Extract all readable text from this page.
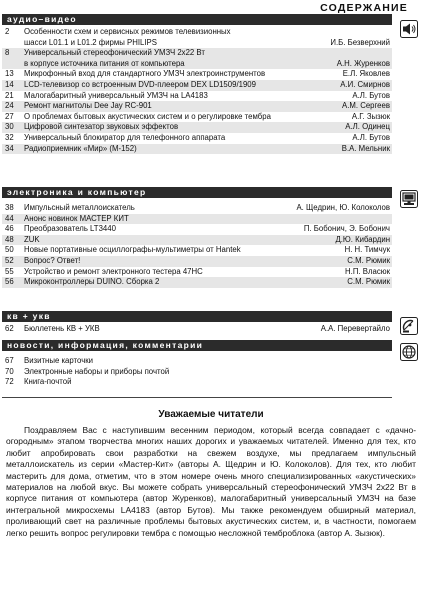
СОДЕРЖАНИЕ
аудио–видео
2	Особенности схем и сервисных режимов телевизионных
шасси L01.1 и L01.2 фирмы PHILIPS	И.Б. Безверхний
8	Универсальный стереофонический УМЗЧ 2х22 Вт
в корпусе источника питания от компьютера	А.Н. Журенков
13	Микрофонный вход для стандартного УМЗЧ электроинструментов	Е.Л. Яковлев
14	LCD-телевизор со встроенным DVD-плеером DEX LD1509/1909	А.И. Смирнов
21	Малогабаритный универсальный УМЗЧ на LA4183	А.Л. Бутов
24	Ремонт магнитолы Dee Jay RC-901	А.М. Сергеев
27	О проблемах бытовых акустических систем и о регулировке тембра	А.Г. Зызюк
30	Цифровой синтезатор звуковых эффектов	А.Л. Одинец
32	Универсальный блокиратор для телефонного аппарата	А.Л. Бутов
34	Радиоприемник «Мир» (М-152)	В.А. Мельник
электроника и компьютер
38	Импульсный металлоискатель	А. Щедрин, Ю. Колоколов
44	Анонс новинок МАСТЕР КИТ
46	Преобразователь LT3440	П. Бобонич, Э. Бобонич
48	ZUK	Д.Ю. Кибардин
50	Новые портативные осциллографы-мультиметры от Hantek	Н. Н. Тимчук
52	Вопрос? Ответ!	С.М. Рюмик
55	Устройство и ремонт электронного тестера 47НС	Н.П. Власюк
56	Микроконтроллеры DUINO. Сборка 2	С.М. Рюмик
кв + укв
62	Бюллетень КВ + УКВ	А.А. Перевертайло
новости, информация, комментарии
67	Визитные карточки
70	Электронные наборы и приборы почтой
72	Книга-почтой
Уважаемые читатели

Поздравляем Вас с наступившим весенним периодом, который всегда совпадает с «дачно-огородным» этапом творчества многих наших дорогих и уважаемых читателей. Именно для тех, кто любит апробировать свои разработки на свежем воздухе, мы предлагаем импульсный металлоискатель из серии «Мастер-Кит» (авторы А. Щедрин и Ю. Колоколов). Для тех, кто любит мастерить для дома, отметим, что в этом номере очень много специализированных «акустических» материалов на любой вкус. Вы можете собрать универсальный стереофонический УМЗЧ 2х22 Вт в корпусе питания от компьютера (автор Журенков), малогабаритный универсальный УМЗЧ на базе интегральной микросхемы LA4183 (автор Бутов). Мы также рекомендуем обширный материал, проливающий свет на различные проблемы бытовых акустических систем, и, в частности, помогаем легко решить вопрос регулировки тембра с помощью несложной темброблока (автор А. Зызюк).
